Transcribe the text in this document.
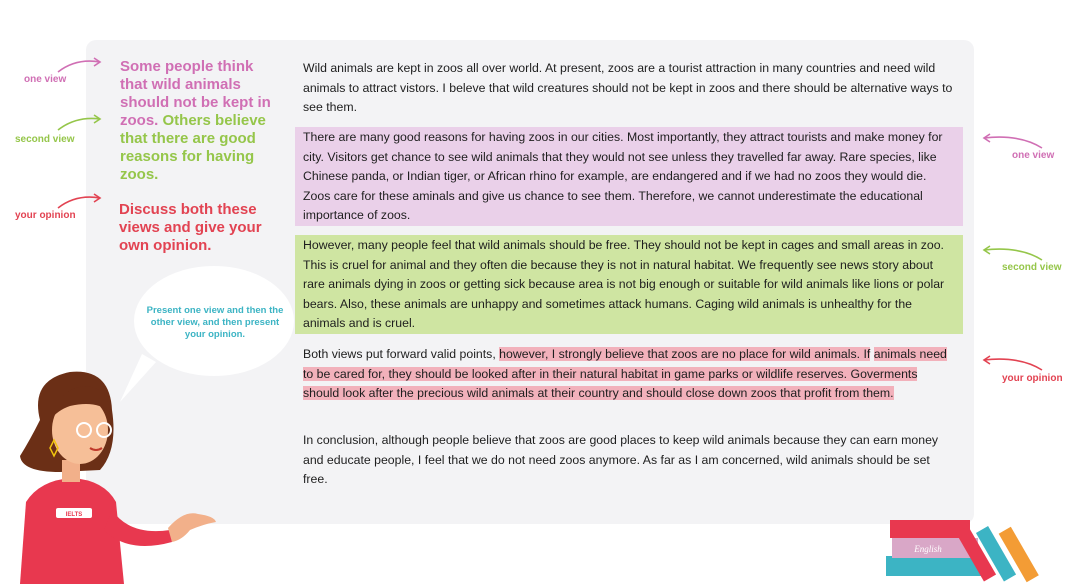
one view
second view
your opinion
Some people think that wild animals should not be kept in zoos. Others believe that there are good reasons for having zoos.
Discuss both these views and give your own opinion.
Present one view and then the other view, and then present your opinion.
Wild animals are kept in zoos all over world. At present, zoos are a tourist attraction in many countries and need wild animals to attract vistors. I beleve that wild creatures should not be kept in zoos and there should be alternative ways to see them.
There are many good reasons for having zoos in our cities. Most importantly, they attract tourists and make money for city. Visitors get chance to see wild animals that they would not see unless they travelled far away. Rare species, like Chinese panda, or Indian tiger, or African rhino for example, are endangered and if we had no zoos they would die. Zoos care for these aminals and give us chance to see them. Therefore, we cannot underestimate the educational importance of zoos.
However, many people feel that wild animals should be free. They should not be kept in cages and small areas in zoo. This is cruel for animal and they often die because they is not in natural habitat. We frequently see news story about rare animals dying in zoos or getting sick because area is not big enough or suitable for wild animals like lions or polar bears. Also, these animals are unhappy and sometimes attack humans. Caging wild animals is unhealthy for the animals and is cruel.
Both views put forward valid points, however, I strongly believe that zoos are no place for wild animals. If animals need to be cared for, they should be looked after in their natural habitat in game parks or wildlife reserves. Goverments should look after the precious wild animals at their country and should close down zoos that profit from them.
In conclusion, although people believe that zoos are good places to keep wild animals because they can earn money and educate people, I feel that we do not need zoos anymore. As far as I am concerned, wild animals should be set free.
one view
second view
your opinion
IELTS
English
